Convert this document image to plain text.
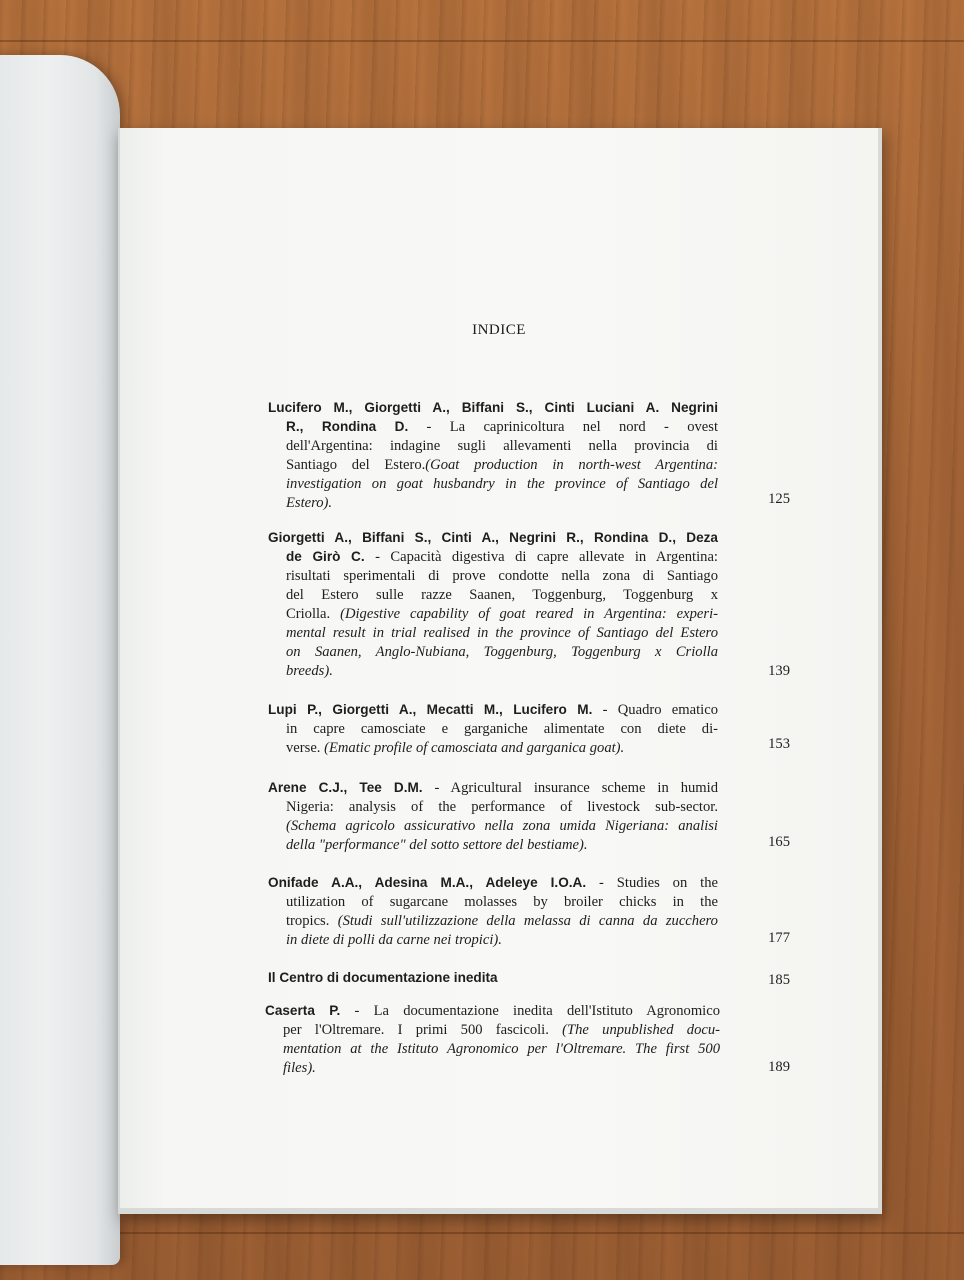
INDICE
Lucifero M., Giorgetti A., Biffani S., Cinti Luciani A. Negrini
R., Rondina D. - La caprinicoltura nel nord - ovest
dell'Argentina: indagine sugli allevamenti nella provincia di
Santiago del Estero.(Goat production in north-west Argentina:
investigation on goat husbandry in the province of Santiago del
Estero).	125
Giorgetti A., Biffani S., Cinti A., Negrini R., Rondina D., Deza
de Girò C. - Capacità digestiva di capre allevate in Argentina:
risultati sperimentali di prove condotte nella zona di Santiago
del Estero sulle razze Saanen, Toggenburg, Toggenburg x
Criolla. (Digestive capability of goat reared in Argentina: experi-
mental result in trial realised in the province of Santiago del Estero
on Saanen, Anglo-Nubiana, Toggenburg, Toggenburg x Criolla
breeds).	139
Lupi P., Giorgetti A., Mecatti M., Lucifero M. - Quadro ematico
in capre camosciate e garganiche alimentate con diete di-
verse. (Ematic profile of camosciata and garganica goat).	153
Arene C.J., Tee D.M. - Agricultural insurance scheme in humid
Nigeria: analysis of the performance of livestock sub-sector.
(Schema agricolo assicurativo nella zona umida Nigeriana: analisi
della "performance" del sotto settore del bestiame).	165
Onifade A.A., Adesina M.A., Adeleye I.O.A. - Studies on the
utilization of sugarcane molasses by broiler chicks in the
tropics. (Studi sull'utilizzazione della melassa di canna da zucchero
in diete di polli da carne nei tropici).	177
Il Centro di documentazione inedita	185
Caserta P. - La documentazione inedita dell'Istituto Agronomico
per l'Oltremare. I primi 500 fascicoli. (The unpublished docu-
mentation at the Istituto Agronomico per l'Oltremare. The first 500
files).	189
